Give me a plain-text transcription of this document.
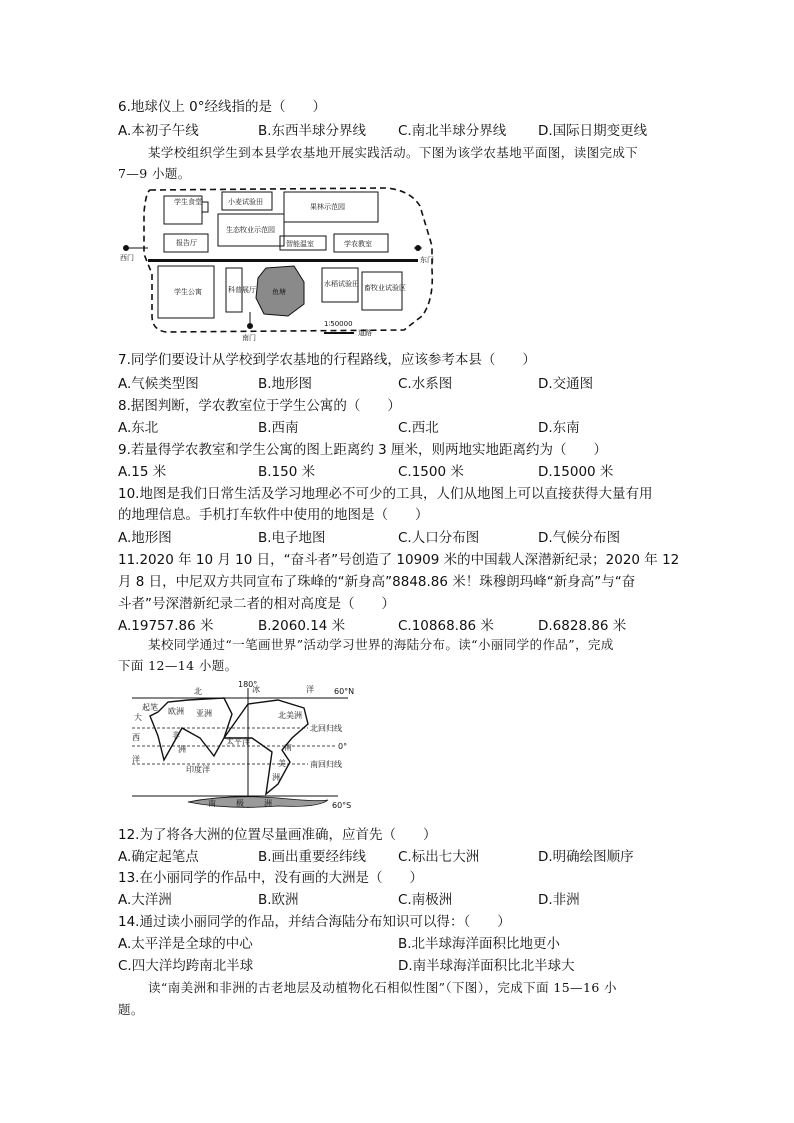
6.地球仪上 0°经线指的是（　　）
A.本初子午线	B.东西半球分界线 C.南北半球分界线 D.国际日期变更线
某学校组织学生到本县学农基地开展实践活动。下图为该学农基地平面图，读图完成下
7—9 小题。
学生食堂	小麦试验田
果林示范园
生态牧业示范园
报告厅	智能温室	学农教室
西门	东门
学生公寓	科普展厅 鱼塘
水稻试验田 畜牧业试验区
南门
1∶50000
道路
7.同学们要设计从学校到学农基地的行程路线，应该参考本县（　　）
A.气候类型图	B.地形图	C.水系图	D.交通图
8.据图判断，学农教室位于学生公寓的（　　）
A.东北	B.西南	C.西北	D.东南
9.若量得学农教室和学生公寓的图上距离约 3 厘米，则两地实地距离约为（　　）
A.15 米	B.150 米	C.1500 米	D.15000 米
10.地图是我们日常生活及学习地理必不可少的工具，人们从地图上可以直接获得大量有用
的地理信息。手机打车软件中使用的地图是（　　）
A.地形图	B.电子地图	C.人口分布图	D.气候分布图
11.2020 年 10 月 10 日，“奋斗者”号创造了 10909 米的中国载人深潜新纪录；2020 年 12
月 8 日，中尼双方共同宣布了珠峰的“新身高”8848.86 米！珠穆朗玛峰“新身高”与“奋
斗者”号深潜新纪录二者的相对高度是（　　）
A.19757.86 米	B.2060.14 米	C.10868.86 米	D.6828.86 米
某校同学通过“一笔画世界”活动学习世界的海陆分布。读“小丽同学的作品”，完成
下面 12—14 小题。
180°
60°N
60°S
北回归线
0°
南回归线
北	冰	洋
大
西
洋
起笔 欧洲 亚洲
非
洲
印度洋
太平洋
北美洲
南
美
洲
南	极	洲
12.为了将各大洲的位置尽量画准确，应首先（　　）
A.确定起笔点	B.画出重要经纬线 C.标出七大洲	D.明确绘图顺序
13.在小丽同学的作品中，没有画的大洲是（　　）
A.大洋洲	B.欧洲	C.南极洲	D.非洲
14.通过读小丽同学的作品，并结合海陆分布知识可以得：（　　）
A.太平洋是全球的中心	B.北半球海洋面积比地更小
C.四大洋均跨南北半球	D.南半球海洋面积比北半球大
读“南美洲和非洲的古老地层及动植物化石相似性图”（下图），完成下面 15—16 小
题。
